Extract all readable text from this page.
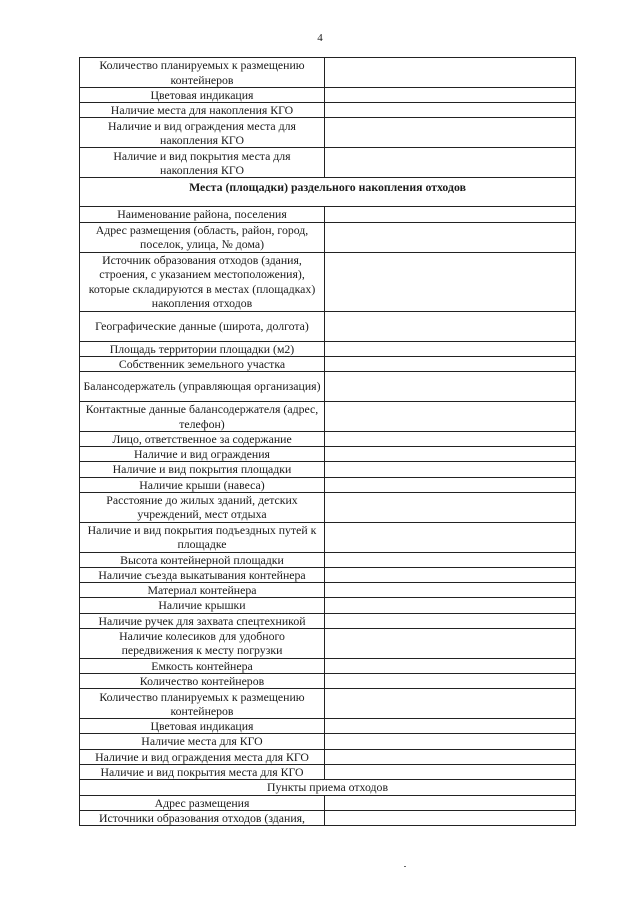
4
Количество планируемых к размещению контейнеров	
Цветовая индикация	
Наличие места для накопления КГО	
Наличие и вид ограждения места для накопления КГО	
Наличие и вид покрытия места для накопления КГО	
Места (площадки) раздельного накопления отходов	
Наименование района, поселения	
Адрес размещения (область, район, город, поселок, улица, № дома)	
Источник образования отходов (здания, строения, с указанием местоположения), которые складируются в местах (площадках) накопления отходов	
Географические данные (широта, долгота)	
Площадь территории площадки (м2)	
Собственник земельного участка	
Балансодержатель (управляющая организация)	
Контактные данные балансодержателя (адрес, телефон)	
Лицо, ответственное за содержание	
Наличие и вид ограждения	
Наличие и вид покрытия площадки	
Наличие крыши (навеса)	
Расстояние до жилых зданий, детских учреждений, мест отдыха	
Наличие и вид покрытия подъездных путей к площадке	
Высота контейнерной площадки	
Наличие съезда выкатывания контейнера	
Материал контейнера	
Наличие крышки	
Наличие ручек для захвата спецтехникой	
Наличие колесиков для удобного передвижения к месту погрузки	
Емкость контейнера	
Количество контейнеров	
Количество планируемых к размещению контейнеров	
Цветовая индикация	
Наличие места для КГО	
Наличие и вид ограждения места для КГО	
Наличие и вид покрытия места для КГО	
Пункты приема отходов	
Адрес размещения	
Источники образования отходов (здания,	
